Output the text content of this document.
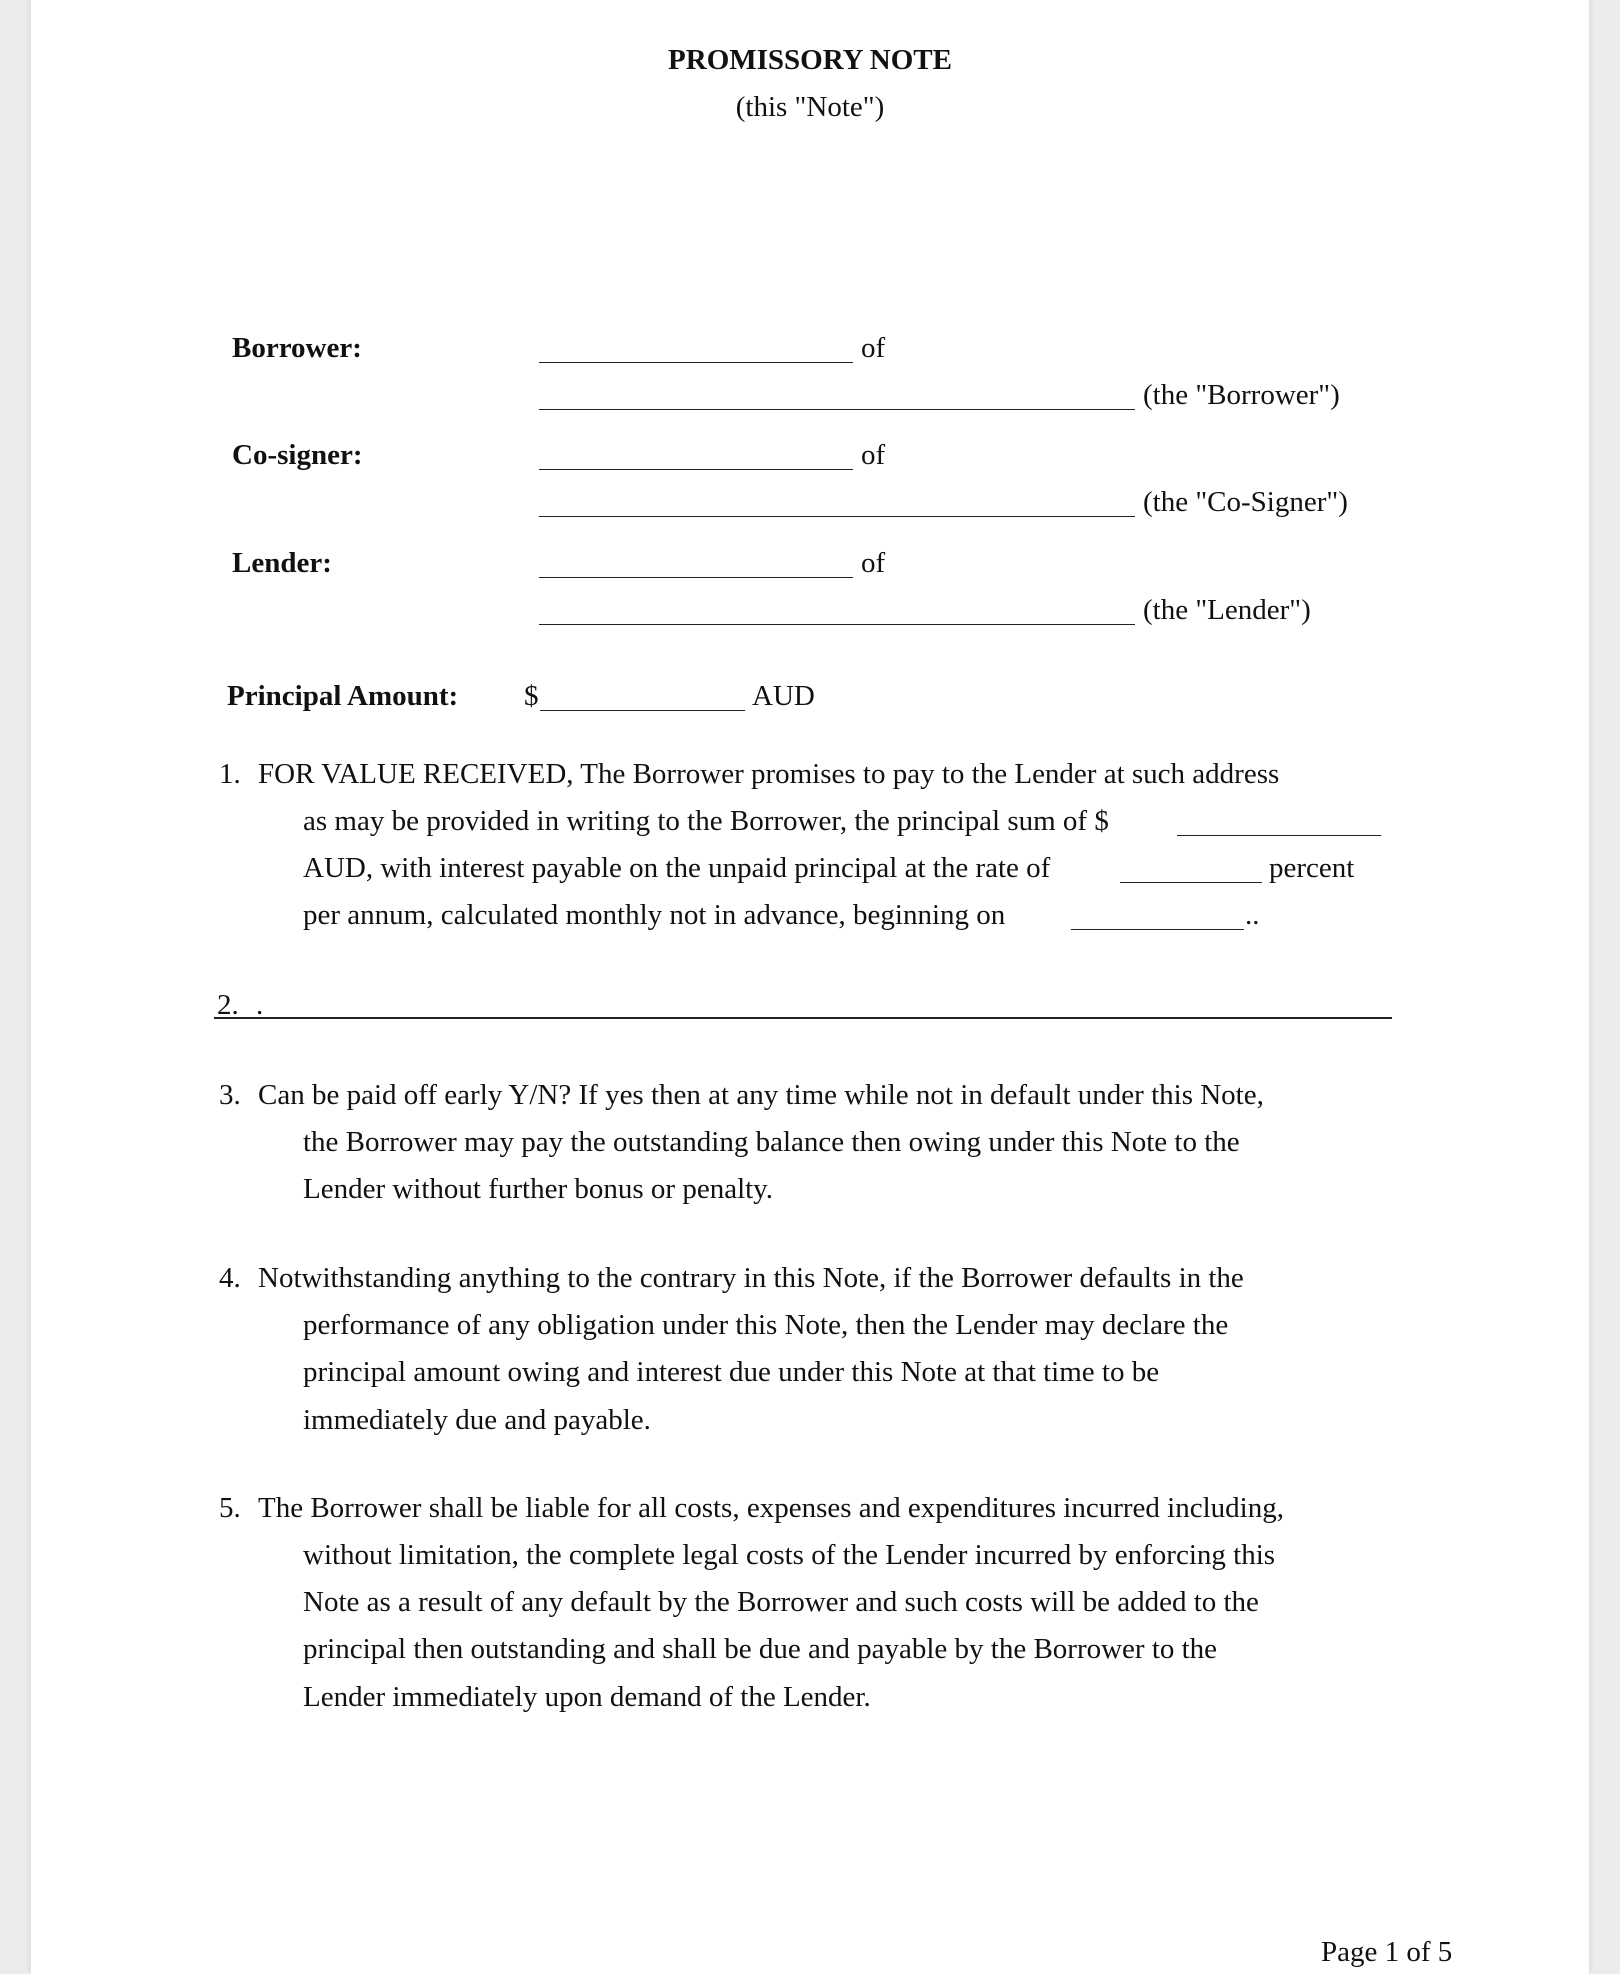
PROMISSORY NOTE
(this "Note")
Borrower:	of
(the "Borrower")
Co-signer:	of
(the "Co-Signer")
Lender:	of
(the "Lender")
Principal Amount: $	AUD
1. FOR VALUE RECEIVED, The Borrower promises to pay to the Lender at such address
as may be provided in writing to the Borrower, the principal sum of $
AUD, with interest payable on the unpaid principal at the rate of	percent
per annum, calculated monthly not in advance, beginning on	..
2. .
3. Can be paid off early Y/N? If yes then at any time while not in default under this Note,
the Borrower may pay the outstanding balance then owing under this Note to the
Lender without further bonus or penalty.
4. Notwithstanding anything to the contrary in this Note, if the Borrower defaults in the
performance of any obligation under this Note, then the Lender may declare the
principal amount owing and interest due under this Note at that time to be
immediately due and payable.
5. The Borrower shall be liable for all costs, expenses and expenditures incurred including,
without limitation, the complete legal costs of the Lender incurred by enforcing this
Note as a result of any default by the Borrower and such costs will be added to the
principal then outstanding and shall be due and payable by the Borrower to the
Lender immediately upon demand of the Lender.
Page 1 of 5
